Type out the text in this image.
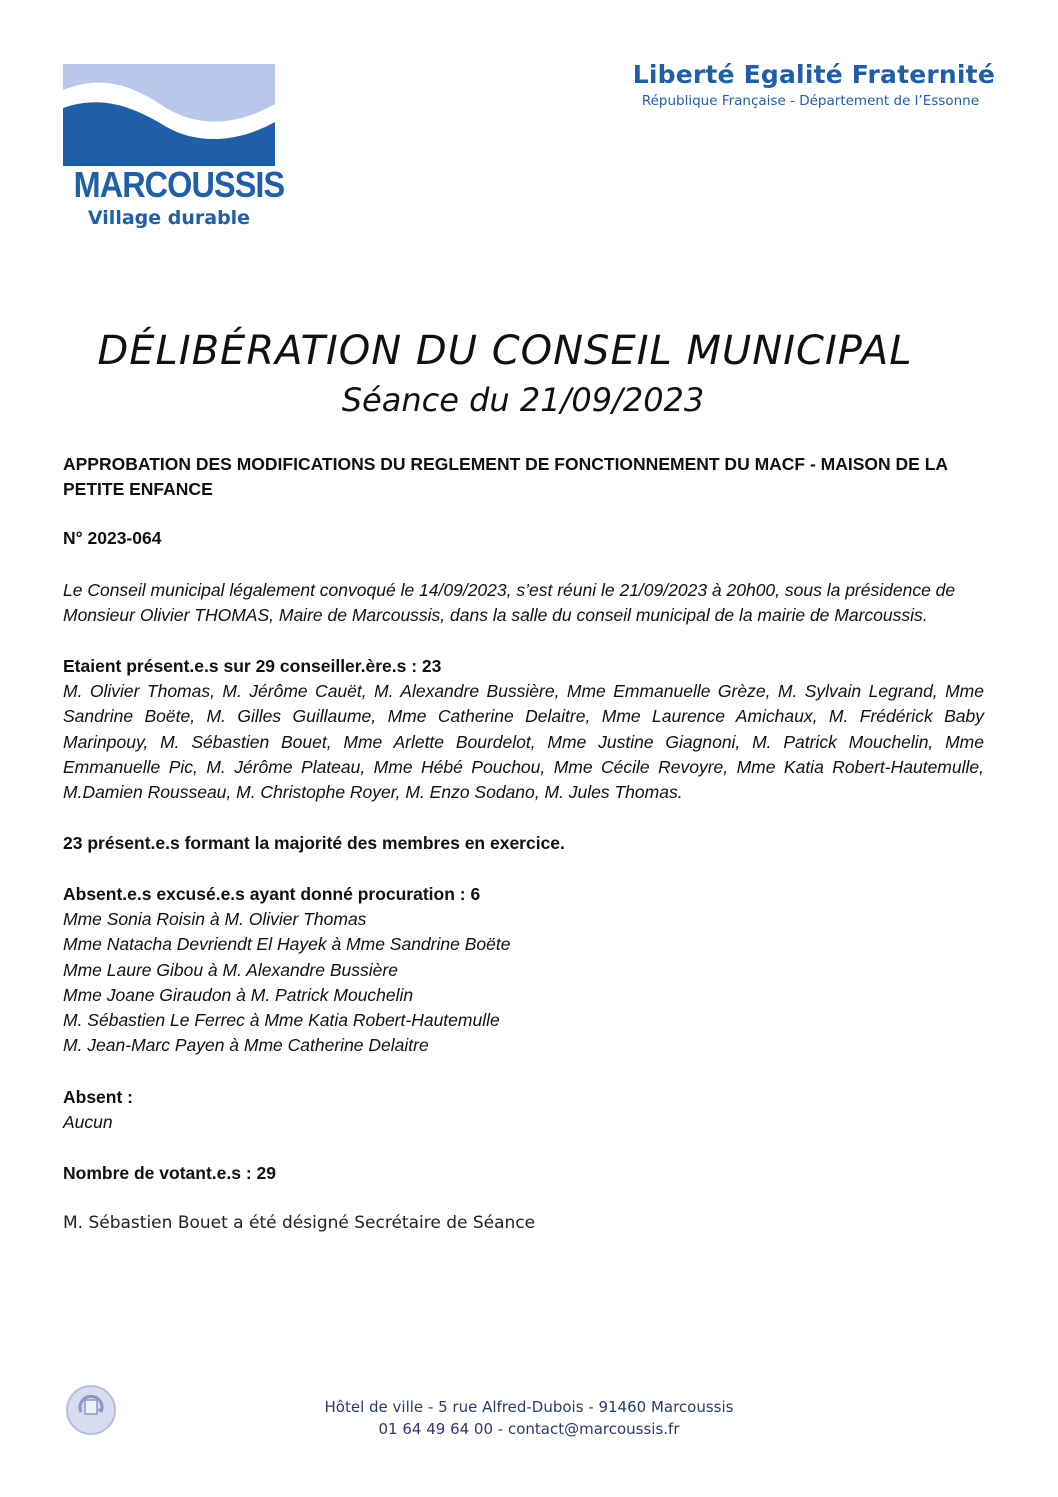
MARCOUSSIS
Village durable
Liberté Egalité Fraternité
République Française - Département de l’Essonne
DÉLIBÉRATION DU CONSEIL MUNICIPAL
Séance du 21/09/2023
APPROBATION DES MODIFICATIONS DU REGLEMENT DE FONCTIONNEMENT DU MACF - MAISON DE LA PETITE ENFANCE
N° 2023-064
Le Conseil municipal légalement convoqué le 14/09/2023, s’est réuni le 21/09/2023 à 20h00, sous la présidence de Monsieur Olivier THOMAS, Maire de Marcoussis, dans la salle du conseil municipal de la mairie de Marcoussis.
Etaient présent.e.s sur 29 conseiller.ère.s : 23
M. Olivier Thomas, M. Jérôme Cauët, M. Alexandre Bussière, Mme Emmanuelle Grèze, M. Sylvain Legrand, Mme Sandrine Boëte, M. Gilles Guillaume, Mme Catherine Delaitre, Mme Laurence Amichaux, M. Frédérick Baby Marinpouy, M. Sébastien Bouet, Mme Arlette Bourdelot, Mme Justine Giagnoni, M. Patrick Mouchelin, Mme Emmanuelle Pic, M. Jérôme Plateau, Mme Hébé Pouchou, Mme Cécile Revoyre, Mme Katia Robert-Hautemulle, M.Damien Rousseau, M. Christophe Royer, M. Enzo Sodano, M. Jules Thomas.
23 présent.e.s formant la majorité des membres en exercice.
Absent.e.s excusé.e.s ayant donné procuration : 6
Mme Sonia Roisin à M. Olivier Thomas
Mme Natacha Devriendt El Hayek à Mme Sandrine Boëte
Mme Laure Gibou à M. Alexandre Bussière
Mme Joane Giraudon à M. Patrick Mouchelin
M. Sébastien Le Ferrec à Mme Katia Robert-Hautemulle
M. Jean-Marc Payen à Mme Catherine Delaitre
Absent :
Aucun
Nombre de votant.e.s : 29
M. Sébastien Bouet a été désigné Secrétaire de Séance
Hôtel de ville - 5 rue Alfred-Dubois - 91460 Marcoussis
01 64 49 64 00 - contact@marcoussis.fr
